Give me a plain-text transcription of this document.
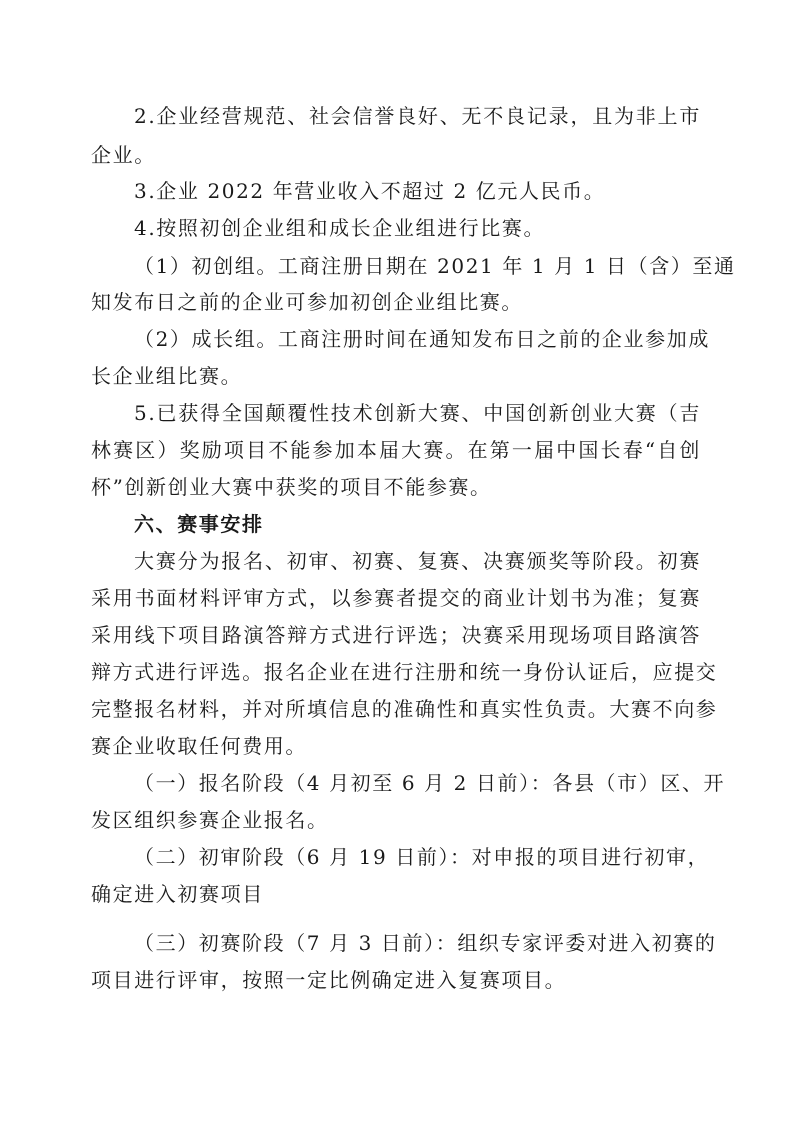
2.企业经营规范、社会信誉良好、无不良记录，且为非上市
企业。
3.企业 2022 年营业收入不超过 2 亿元人民币。
4.按照初创企业组和成长企业组进行比赛。
（1）初创组。工商注册日期在 2021 年 1 月 1 日（含）至通
知发布日之前的企业可参加初创企业组比赛。
（2）成长组。工商注册时间在通知发布日之前的企业参加成
长企业组比赛。
5.已获得全国颠覆性技术创新大赛、中国创新创业大赛（吉
林赛区）奖励项目不能参加本届大赛。在第一届中国长春“自创
杯”创新创业大赛中获奖的项目不能参赛。
六、赛事安排
大赛分为报名、初审、初赛、复赛、决赛颁奖等阶段。初赛
采用书面材料评审方式，以参赛者提交的商业计划书为准；复赛
采用线下项目路演答辩方式进行评选；决赛采用现场项目路演答
辩方式进行评选。报名企业在进行注册和统一身份认证后，应提交
完整报名材料，并对所填信息的准确性和真实性负责。大赛不向参
赛企业收取任何费用。
（一）报名阶段（4 月初至 6 月 2 日前）：各县（市）区、开
发区组织参赛企业报名。
（二）初审阶段（6 月 19 日前）：对申报的项目进行初审，
确定进入初赛项目
（三）初赛阶段（7 月 3 日前）：组织专家评委对进入初赛的
项目进行评审，按照一定比例确定进入复赛项目。
